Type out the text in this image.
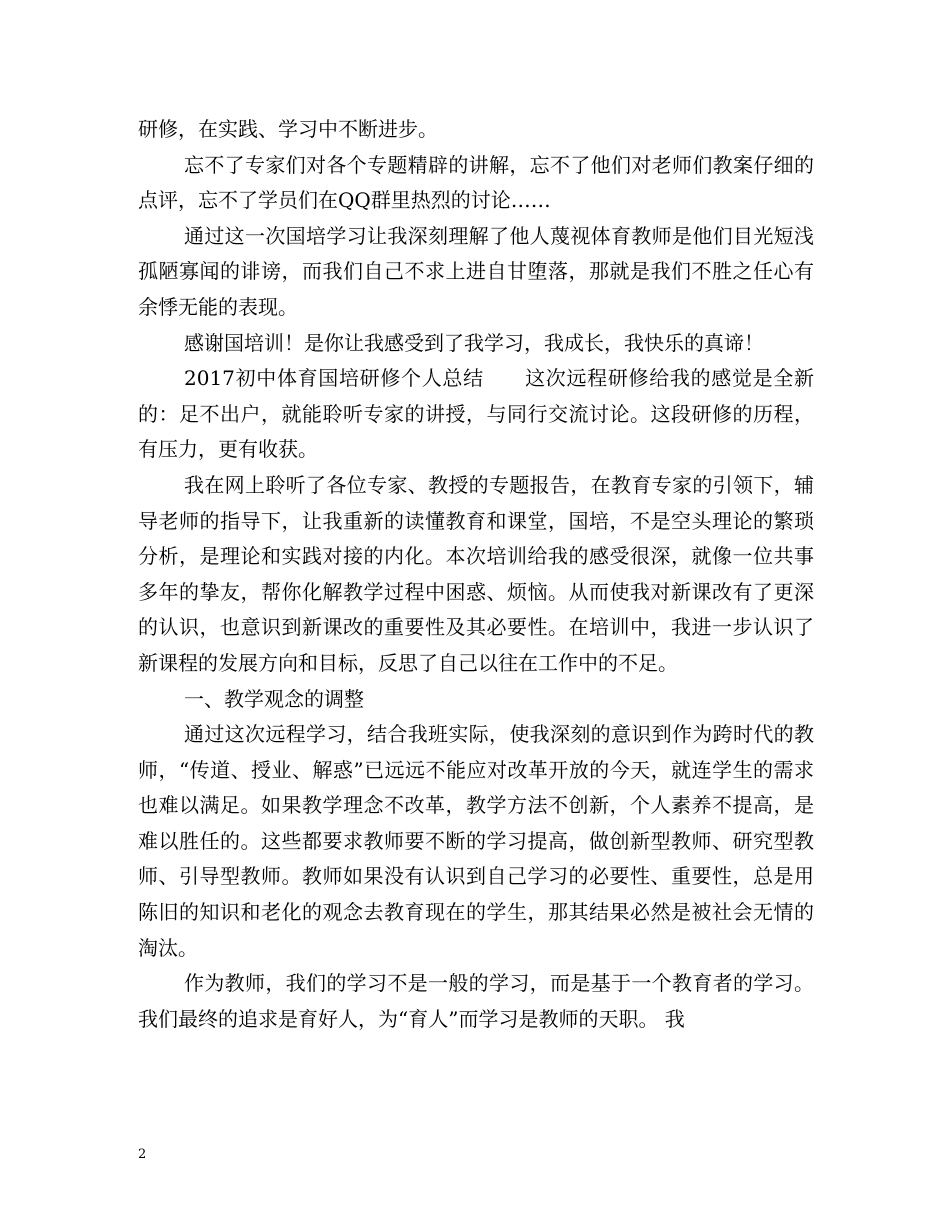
研修，在实践、学习中不断进步。

忘不了专家们对各个专题精辟的讲解，忘不了他们对老师们教案仔细的点评，忘不了学员们在QQ群里热烈的讨论……

通过这一次国培学习让我深刻理解了他人蔑视体育教师是他们目光短浅孤陋寡闻的诽谤，而我们自己不求上进自甘堕落，那就是我们不胜之任心有余悸无能的表现。

感谢国培训！是你让我感受到了我学习，我成长，我快乐的真谛！

2017初中体育国培研修个人总结　　这次远程研修给我的感觉是全新的：足不出户，就能聆听专家的讲授，与同行交流讨论。这段研修的历程，有压力，更有收获。

我在网上聆听了各位专家、教授的专题报告，在教育专家的引领下，辅导老师的指导下，让我重新的读懂教育和课堂，国培，不是空头理论的繁琐分析，是理论和实践对接的内化。本次培训给我的感受很深，就像一位共事多年的挚友，帮你化解教学过程中困惑、烦恼。从而使我对新课改有了更深的认识，也意识到新课改的重要性及其必要性。在培训中，我进一步认识了新课程的发展方向和目标，反思了自己以往在工作中的不足。

一、教学观念的调整

通过这次远程学习，结合我班实际，使我深刻的意识到作为跨时代的教师，“传道、授业、解惑”已远远不能应对改革开放的今天，就连学生的需求也难以满足。如果教学理念不改革，教学方法不创新，个人素养不提高，是难以胜任的。这些都要求教师要不断的学习提高，做创新型教师、研究型教师、引导型教师。教师如果没有认识到自己学习的必要性、重要性，总是用陈旧的知识和老化的观念去教育现在的学生，那其结果必然是被社会无情的淘汰。

作为教师，我们的学习不是一般的学习，而是基于一个教育者的学习。我们最终的追求是育好人，为“育人”而学习是教师的天职。 我

2
